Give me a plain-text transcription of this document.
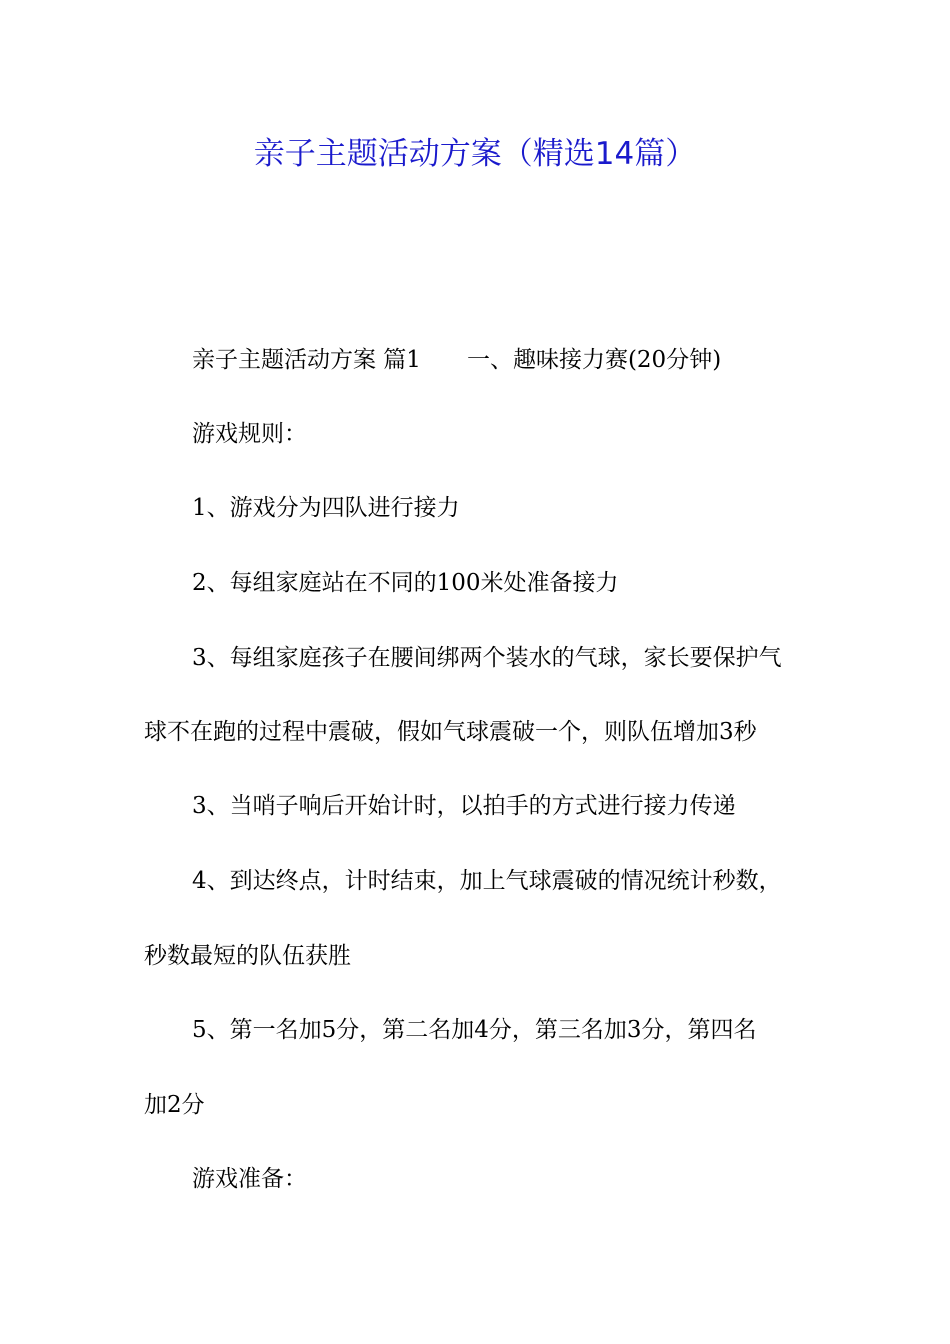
亲子主题活动方案（精选14篇）
亲子主题活动方案 篇1 一、趣味接力赛(20分钟)
游戏规则：
1、游戏分为四队进行接力
2、每组家庭站在不同的100米处准备接力
3、每组家庭孩子在腰间绑两个装水的气球，家长要保护气
球不在跑的过程中震破，假如气球震破一个，则队伍增加3秒
3、当哨子响后开始计时，以拍手的方式进行接力传递
4、到达终点，计时结束，加上气球震破的情况统计秒数，
秒数最短的队伍获胜
5、第一名加5分，第二名加4分，第三名加3分，第四名
加2分
游戏准备：
